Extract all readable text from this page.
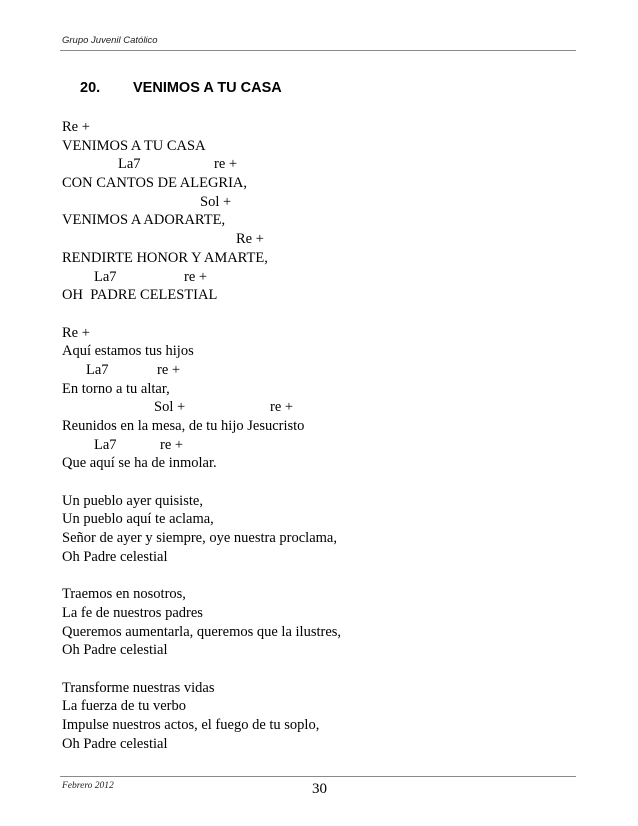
Grupo Juvenil Católico
20. VENIMOS A TU CASA
Re +
VENIMOS A TU CASA
La7	re +
CON CANTOS DE ALEGRIA,
Sol +
VENIMOS A ADORARTE,
Re +
RENDIRTE HONOR Y AMARTE,
La7	re +
OH  PADRE CELESTIAL
Re +
Aquí estamos tus hijos
La7	re +
En torno a tu altar,
Sol +	re +
Reunidos en la mesa, de tu hijo Jesucristo
La7	re +
Que aquí se ha de inmolar.
Un pueblo ayer quisiste,
Un pueblo aquí te aclama,
Señor de ayer y siempre, oye nuestra proclama,
Oh Padre celestial
Traemos en nosotros,
La fe de nuestros padres
Queremos aumentarla, queremos que la ilustres,
Oh Padre celestial
Transforme nuestras vidas
La fuerza de tu verbo
Impulse nuestros actos, el fuego de tu soplo,
Oh Padre celestial
Febrero 2012	30
